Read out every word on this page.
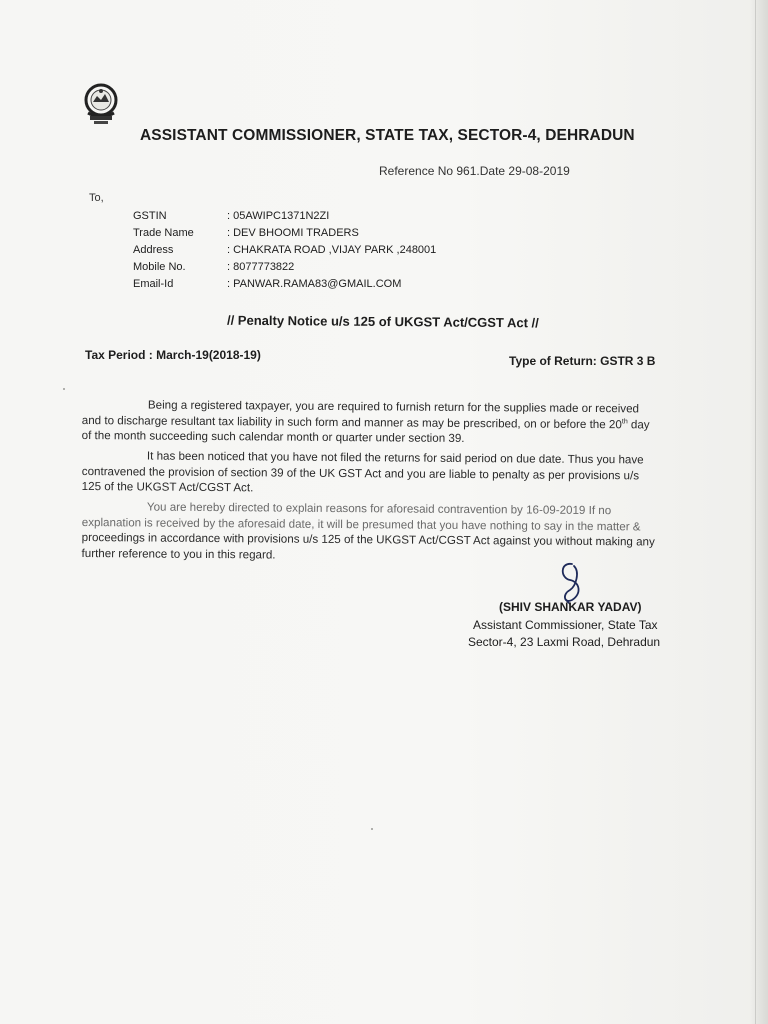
ASSISTANT COMMISSIONER, STATE TAX, SECTOR-4, DEHRADUN
Reference No 961.Date 29-08-2019
To,
GSTIN	: 05AWIPC1371N2ZI
Trade Name	: DEV BHOOMI TRADERS
Address	: CHAKRATA ROAD ,VIJAY PARK ,248001
Mobile No.	: 8077773822
Email-Id	: PANWAR.RAMA83@GMAIL.COM
// Penalty Notice u/s 125 of UKGST Act/CGST Act //
Tax Period : March-19(2018-19)	Type of Return: GSTR 3 B
Being a registered taxpayer, you are required to furnish return for the supplies made or received
and to discharge resultant tax liability in such form and manner as may be prescribed, on or before the 20th day
of the month succeeding such calendar month or quarter under section 39.
It has been noticed that you have not filed the returns for said period on due date. Thus you have
contravened the provision of section 39 of the UK GST Act and you are liable to penalty as per provisions u/s
125 of the UKGST Act/CGST Act.
You are hereby directed to explain reasons for aforesaid contravention by 16-09-2019 If no
explanation is received by the aforesaid date, it will be presumed that you have nothing to say in the matter &
proceedings in accordance with provisions u/s 125 of the UKGST Act/CGST Act against you without making any
further reference to you in this regard.
(SHIV SHANKAR YADAV)
Assistant Commissioner, State Tax
Sector-4, 23 Laxmi Road, Dehradun
